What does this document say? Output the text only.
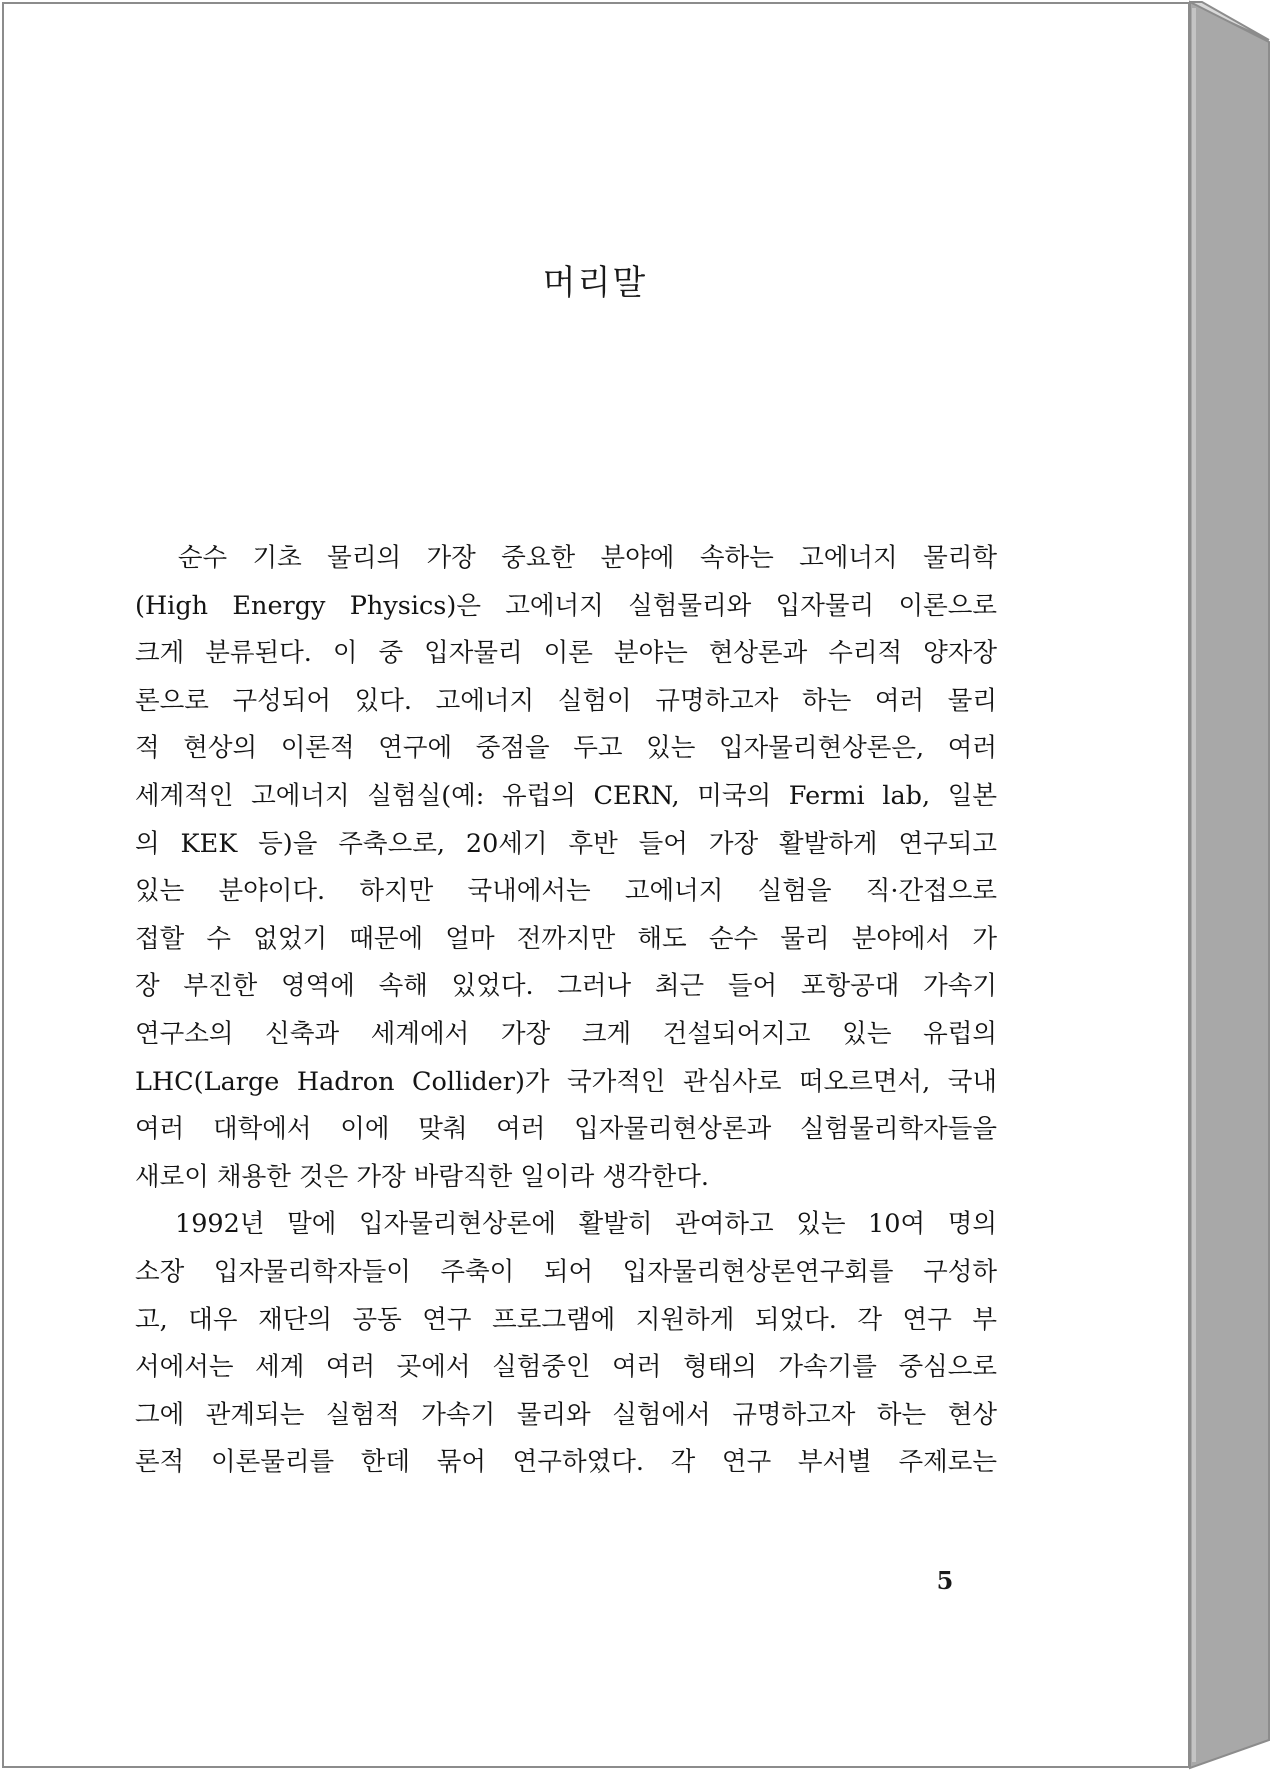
머리말
　순수 기초 물리의 가장 중요한 분야에 속하는 고에너지 물리학
(High Energy Physics)은 고에너지 실험물리와 입자물리 이론으로
크게 분류된다. 이 중 입자물리 이론 분야는 현상론과 수리적 양자장
론으로 구성되어 있다. 고에너지 실험이 규명하고자 하는 여러 물리
적 현상의 이론적 연구에 중점을 두고 있는 입자물리현상론은, 여러
세계적인 고에너지 실험실(예: 유럽의 CERN, 미국의 Fermi lab, 일본
의 KEK 등)을 주축으로, 20세기 후반 들어 가장 활발하게 연구되고
있는 분야이다. 하지만 국내에서는 고에너지 실험을 직·간접으로
접할 수 없었기 때문에 얼마 전까지만 해도 순수 물리 분야에서 가
장 부진한 영역에 속해 있었다. 그러나 최근 들어 포항공대 가속기
연구소의 신축과 세계에서 가장 크게 건설되어지고 있는 유럽의
LHC(Large Hadron Collider)가 국가적인 관심사로 떠오르면서, 국내
여러 대학에서 이에 맞춰 여러 입자물리현상론과 실험물리학자들을
새로이 채용한 것은 가장 바람직한 일이라 생각한다.
　1992년 말에 입자물리현상론에 활발히 관여하고 있는 10여 명의
소장 입자물리학자들이 주축이 되어 입자물리현상론연구회를 구성하
고, 대우 재단의 공동 연구 프로그램에 지원하게 되었다. 각 연구 부
서에서는 세계 여러 곳에서 실험중인 여러 형태의 가속기를 중심으로
그에 관계되는 실험적 가속기 물리와 실험에서 규명하고자 하는 현상
론적 이론물리를 한데 묶어 연구하였다. 각 연구 부서별 주제로는
5
